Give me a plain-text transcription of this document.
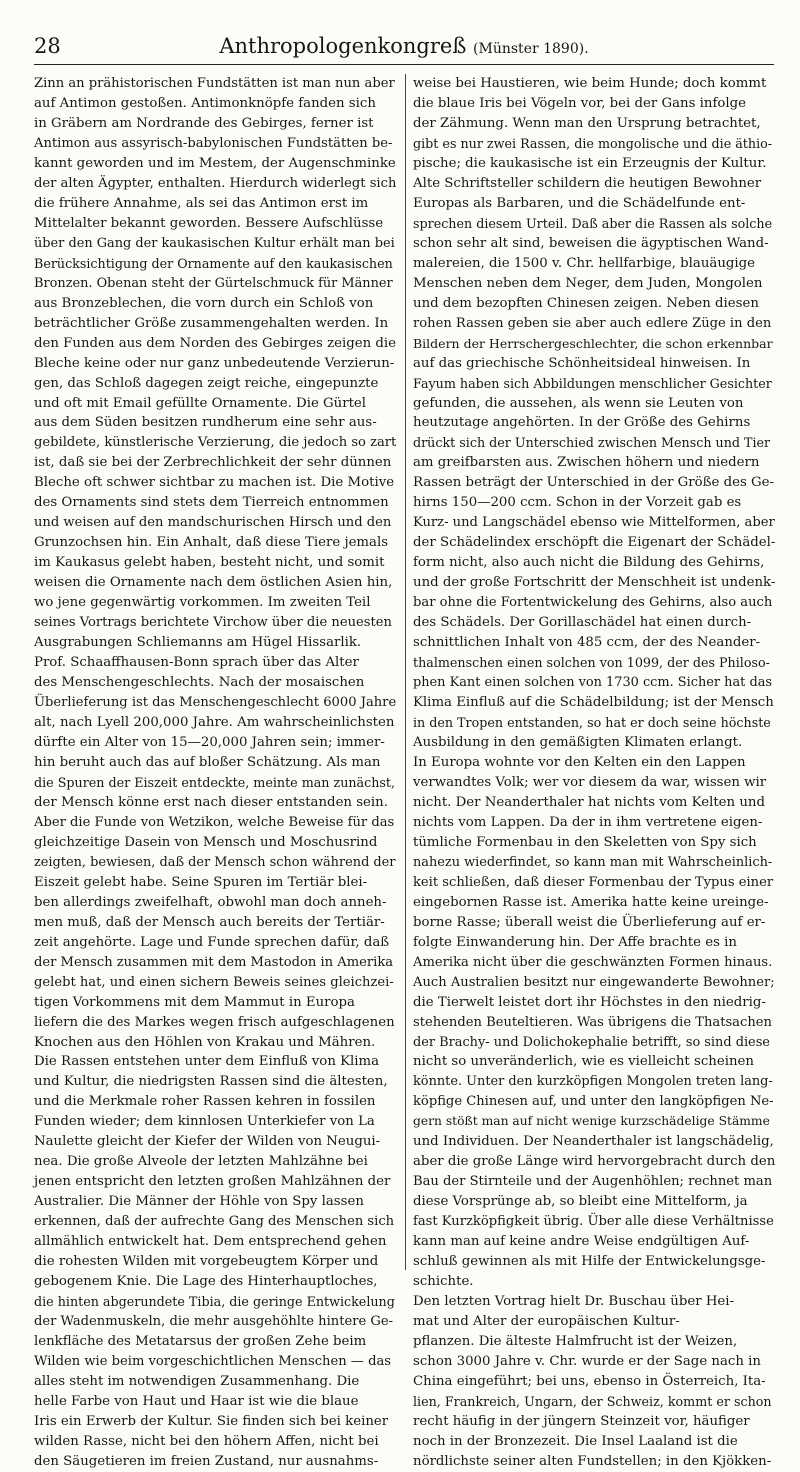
28	Anthropologenkongreß (Münster 1890).
Zinn an prähistorischen Fundstätten ist man nun aber
auf Antimon gestoßen. Antimonknöpfe fanden sich
in Gräbern am Nordrande des Gebirges, ferner ist
Antimon aus assyrisch-babylonischen Fundstätten be-
kannt geworden und im Mestem, der Augenschminke
der alten Ägypter, enthalten. Hierdurch widerlegt sich
die frühere Annahme, als sei das Antimon erst im
Mittelalter bekannt geworden. Bessere Aufschlüsse
über den Gang der kaukasischen Kultur erhält man bei
Berücksichtigung der Ornamente auf den kaukasischen
Bronzen. Obenan steht der Gürtelschmuck für Männer
aus Bronzeblechen, die vorn durch ein Schloß von
beträchtlicher Größe zusammengehalten werden. In
den Funden aus dem Norden des Gebirges zeigen die
Bleche keine oder nur ganz unbedeutende Verzierun-
gen, das Schloß dagegen zeigt reiche, eingepunzte
und oft mit Email gefüllte Ornamente. Die Gürtel
aus dem Süden besitzen rundherum eine sehr aus-
gebildete, künstlerische Verzierung, die jedoch so zart
ist, daß sie bei der Zerbrechlichkeit der sehr dünnen
Bleche oft schwer sichtbar zu machen ist. Die Motive
des Ornaments sind stets dem Tierreich entnommen
und weisen auf den mandschurischen Hirsch und den
Grunzochsen hin. Ein Anhalt, daß diese Tiere jemals
im Kaukasus gelebt haben, besteht nicht, und somit
weisen die Ornamente nach dem östlichen Asien hin,
wo jene gegenwärtig vorkommen. Im zweiten Teil
seines Vortrags berichtete Virchow über die neuesten
Ausgrabungen Schliemanns am Hügel Hissarlik.
Prof. Schaaffhausen-Bonn sprach über das Alter
des Menschengeschlechts. Nach der mosaischen
Überlieferung ist das Menschengeschlecht 6000 Jahre
alt, nach Lyell 200,000 Jahre. Am wahrscheinlichsten
dürfte ein Alter von 15—20,000 Jahren sein; immer-
hin beruht auch das auf bloßer Schätzung. Als man
die Spuren der Eiszeit entdeckte, meinte man zunächst,
der Mensch könne erst nach dieser entstanden sein.
Aber die Funde von Wetzikon, welche Beweise für das
gleichzeitige Dasein von Mensch und Moschusrind
zeigten, bewiesen, daß der Mensch schon während der
Eiszeit gelebt habe. Seine Spuren im Tertiär blei-
ben allerdings zweifelhaft, obwohl man doch anneh-
men muß, daß der Mensch auch bereits der Tertiär-
zeit angehörte. Lage und Funde sprechen dafür, daß
der Mensch zusammen mit dem Mastodon in Amerika
gelebt hat, und einen sichern Beweis seines gleichzei-
tigen Vorkommens mit dem Mammut in Europa
liefern die des Markes wegen frisch aufgeschlagenen
Knochen aus den Höhlen von Krakau und Mähren.
Die Rassen entstehen unter dem Einfluß von Klima
und Kultur, die niedrigsten Rassen sind die ältesten,
und die Merkmale roher Rassen kehren in fossilen
Funden wieder; dem kinnlosen Unterkiefer von La
Naulette gleicht der Kiefer der Wilden von Neugui-
nea. Die große Alveole der letzten Mahlzähne bei
jenen entspricht den letzten großen Mahlzähnen der
Australier. Die Männer der Höhle von Spy lassen
erkennen, daß der aufrechte Gang des Menschen sich
allmählich entwickelt hat. Dem entsprechend gehen
die rohesten Wilden mit vorgebeugtem Körper und
gebogenem Knie. Die Lage des Hinterhauptloches,
die hinten abgerundete Tibia, die geringe Entwickelung
der Wadenmuskeln, die mehr ausgehöhlte hintere Ge-
lenkfläche des Metatarsus der großen Zehe beim
Wilden wie beim vorgeschichtlichen Menschen — das
alles steht im notwendigen Zusammenhang. Die
helle Farbe von Haut und Haar ist wie die blaue
Iris ein Erwerb der Kultur. Sie finden sich bei keiner
wilden Rasse, nicht bei den höhern Affen, nicht bei
den Säugetieren im freien Zustand, nur ausnahms-
weise bei Haustieren, wie beim Hunde; doch kommt
die blaue Iris bei Vögeln vor, bei der Gans infolge
der Zähmung. Wenn man den Ursprung betrachtet,
gibt es nur zwei Rassen, die mongolische und die äthio-
pische; die kaukasische ist ein Erzeugnis der Kultur.
Alte Schriftsteller schildern die heutigen Bewohner
Europas als Barbaren, und die Schädelfunde ent-
sprechen diesem Urteil. Daß aber die Rassen als solche
schon sehr alt sind, beweisen die ägyptischen Wand-
malereien, die 1500 v. Chr. hellfarbige, blauäugige
Menschen neben dem Neger, dem Juden, Mongolen
und dem bezopften Chinesen zeigen. Neben diesen
rohen Rassen geben sie aber auch edlere Züge in den
Bildern der Herrschergeschlechter, die schon erkennbar
auf das griechische Schönheitsideal hinweisen. In
Fayum haben sich Abbildungen menschlicher Gesichter
gefunden, die aussehen, als wenn sie Leuten von
heutzutage angehörten. In der Größe des Gehirns
drückt sich der Unterschied zwischen Mensch und Tier
am greifbarsten aus. Zwischen höhern und niedern
Rassen beträgt der Unterschied in der Größe des Ge-
hirns 150—200 ccm. Schon in der Vorzeit gab es
Kurz- und Langschädel ebenso wie Mittelformen, aber
der Schädelindex erschöpft die Eigenart der Schädel-
form nicht, also auch nicht die Bildung des Gehirns,
und der große Fortschritt der Menschheit ist undenk-
bar ohne die Fortentwickelung des Gehirns, also auch
des Schädels. Der Gorillaschädel hat einen durch-
schnittlichen Inhalt von 485 ccm, der des Neander-
thalmenschen einen solchen von 1099, der des Philoso-
phen Kant einen solchen von 1730 ccm. Sicher hat das
Klima Einfluß auf die Schädelbildung; ist der Mensch
in den Tropen entstanden, so hat er doch seine höchste
Ausbildung in den gemäßigten Klimaten erlangt.
In Europa wohnte vor den Kelten ein den Lappen
verwandtes Volk; wer vor diesem da war, wissen wir
nicht. Der Neanderthaler hat nichts vom Kelten und
nichts vom Lappen. Da der in ihm vertretene eigen-
tümliche Formenbau in den Skeletten von Spy sich
nahezu wiederfindet, so kann man mit Wahrscheinlich-
keit schließen, daß dieser Formenbau der Typus einer
eingebornen Rasse ist. Amerika hatte keine ureinge-
borne Rasse; überall weist die Überlieferung auf er-
folgte Einwanderung hin. Der Affe brachte es in
Amerika nicht über die geschwänzten Formen hinaus.
Auch Australien besitzt nur eingewanderte Bewohner;
die Tierwelt leistet dort ihr Höchstes in den niedrig-
stehenden Beuteltieren. Was übrigens die Thatsachen
der Brachy- und Dolichokephalie betrifft, so sind diese
nicht so unveränderlich, wie es vielleicht scheinen
könnte. Unter den kurzköpfigen Mongolen treten lang-
köpfige Chinesen auf, und unter den langköpfigen Ne-
gern stößt man auf nicht wenige kurzschädelige Stämme
und Individuen. Der Neanderthaler ist langschädelig,
aber die große Länge wird hervorgebracht durch den
Bau der Stirnteile und der Augenhöhlen; rechnet man
diese Vorsprünge ab, so bleibt eine Mittelform, ja
fast Kurzköpfigkeit übrig. Über alle diese Verhältnisse
kann man auf keine andre Weise endgültigen Auf-
schluß gewinnen als mit Hilfe der Entwickelungsge-
schichte.
Den letzten Vortrag hielt Dr. Buschau über Hei-
mat und Alter der europäischen Kultur-
pflanzen. Die älteste Halmfrucht ist der Weizen,
schon 3000 Jahre v. Chr. wurde er der Sage nach in
China eingeführt; bei uns, ebenso in Österreich, Ita-
lien, Frankreich, Ungarn, der Schweiz, kommt er schon
recht häufig in der jüngern Steinzeit vor, häufiger
noch in der Bronzezeit. Die Insel Laaland ist die
nördlichste seiner alten Fundstellen; in den Kjökken-
